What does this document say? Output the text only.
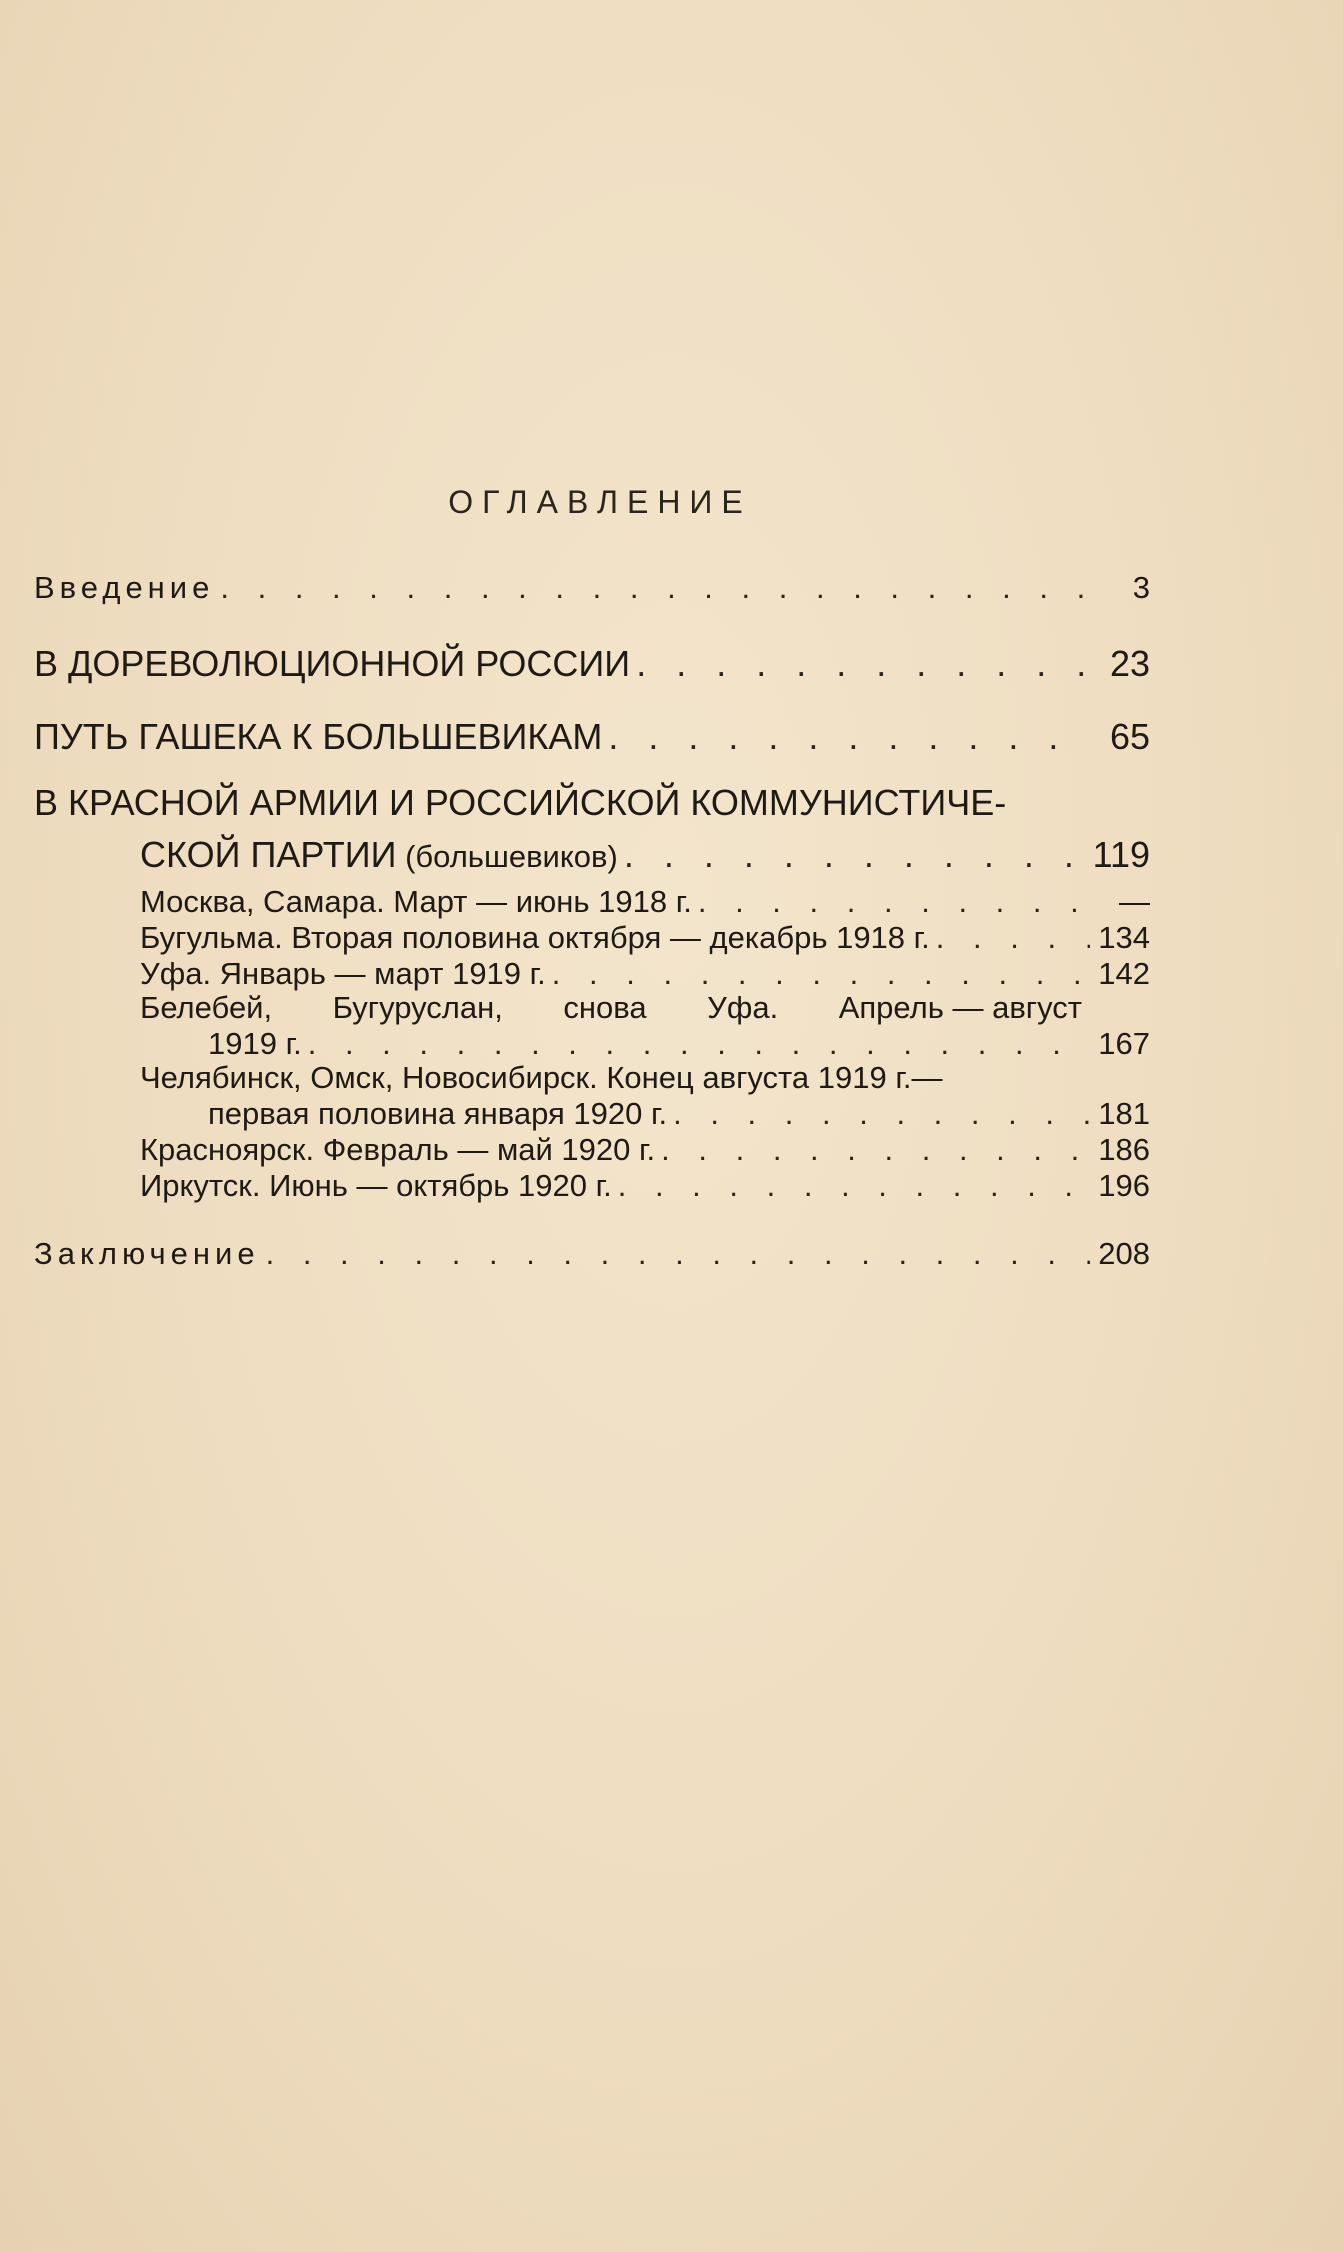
ОГЛАВЛЕНИЕ
Введение . . .	3
В ДОРЕВОЛЮЦИОННОЙ РОССИИ . . .	23
ПУТЬ ГАШЕКА К БОЛЬШЕВИКАМ . . .	65
В КРАСНОЙ АРМИИ И РОССИЙСКОЙ КОММУНИСТИЧЕ-
СКОЙ ПАРТИИ (большевиков) . . .	119
Москва, Самара. Март — июнь 1918 г. . . .	—
Бугульма. Вторая половина октября — декабрь 1918 г. . . .	134
Уфа. Январь — март 1919 г. . . .	142
Белебей, Бугуруслан, снова Уфа. Апрель — август
1919 г. . . .	167
Челябинск, Омск, Новосибирск. Конец августа 1919 г.—
первая половина января 1920 г. . . .	181
Красноярск. Февраль — май 1920 г. . . .	186
Иркутск. Июнь — октябрь 1920 г. . . .	196
Заключение . . .	208
